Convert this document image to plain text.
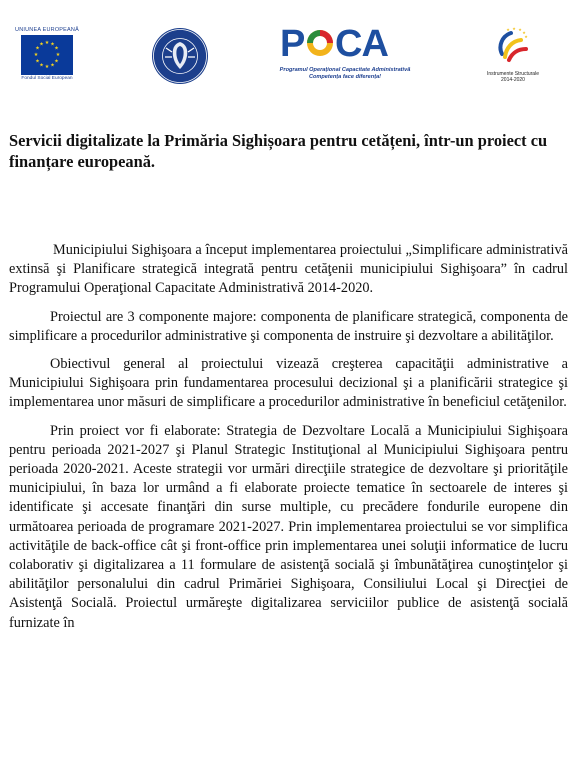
UNIUNEA EUROPEANĂ
★ ★
★
★
★
★
★
★
★
★
★
★
Fondul Social European
P CA
Programul Operațional Capacitate Administrativă
Competența face diferența!
★ ★
★
★
★
Instrumente Structurale
2014-2020
Servicii digitalizate la Primăria Sighișoara pentru cetățeni, într-un proiect cu finanțare europeană.

Municipiului Sighişoara a început implementarea proiectului „Simplificare administrativă extinsă şi Planificare strategică integrată pentru cetăţenii municipiului Sighişoara” în cadrul Programului Operaţional Capacitate Administrativă 2014-2020.

Proiectul are 3 componente majore: componenta de planificare strategică, componenta de simplificare a procedurilor administrative şi componenta de instruire şi dezvoltare a abilităţilor.

Obiectivul general al proiectului vizează creşterea capacităţii administrative a Municipiului Sighişoara prin fundamentarea procesului decizional şi a planificării strategice şi implementarea unor măsuri de simplificare a procedurilor administrative în beneficiul cetăţenilor.

Prin proiect vor fi elaborate: Strategia de Dezvoltare Locală a Municipiului Sighişoara pentru perioada 2021-2027 şi Planul Strategic Instituţional al Municipiului Sighişoara pentru perioada 2020-2021. Aceste strategii vor urmări direcţiile strategice de dezvoltare şi priorităţile municipiului, în baza lor urmând a fi elaborate proiecte tematice în sectoarele de interes şi identificate şi accesate finanţări din surse multiple, cu precădere fondurile europene din următoarea perioada de programare 2021-2027. Prin implementarea proiectului se vor simplifica activităţile de back-office cât şi front-office prin implementarea unei soluţii informatice de lucru colaborativ şi digitalizarea a 11 formulare de asistenţă socială şi îmbunătăţirea cunoştinţelor şi abilităţilor personalului din cadrul Primăriei Sighişoara, Consiliului Local şi Direcţiei de Asistenţă Socială. Proiectul urmăreşte digitalizarea serviciilor publice de asistenţă socială furnizate în
